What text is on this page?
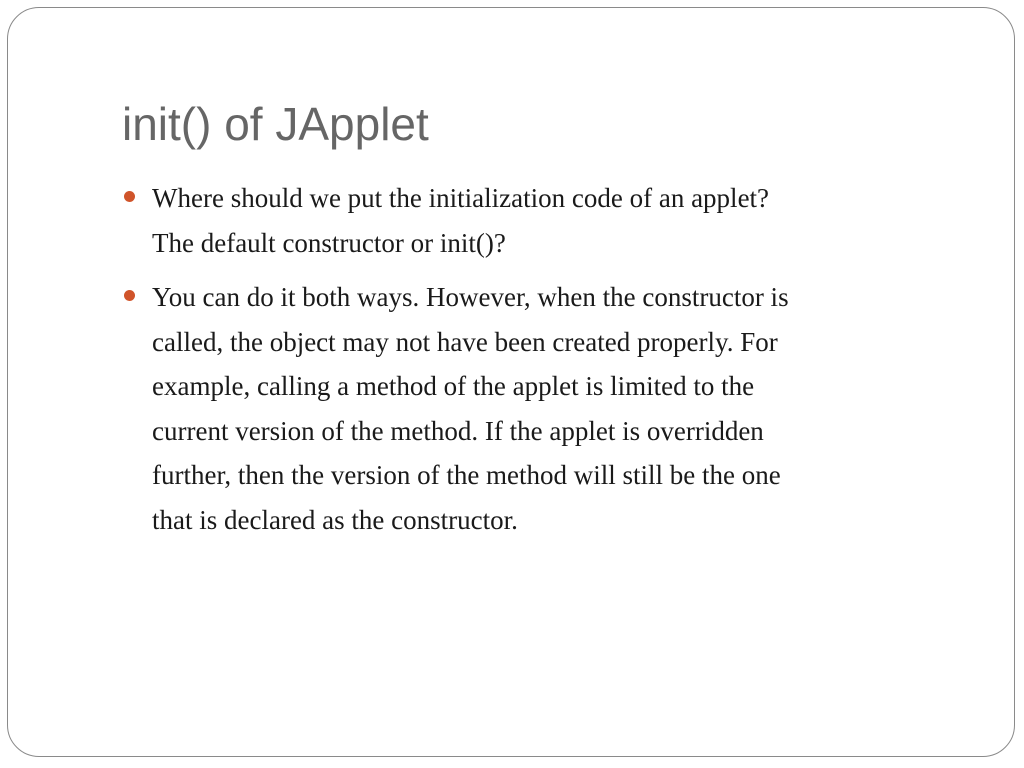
init() of JApplet
Where should we put the initialization code of an applet?
The default constructor or init()?
You can do it both ways. However, when the constructor is
called, the object may not have been created properly. For
example, calling a method of the applet is limited to the
current version of the method. If the applet is overridden
further, then the version of the method will still be the one
that is declared as the constructor.
